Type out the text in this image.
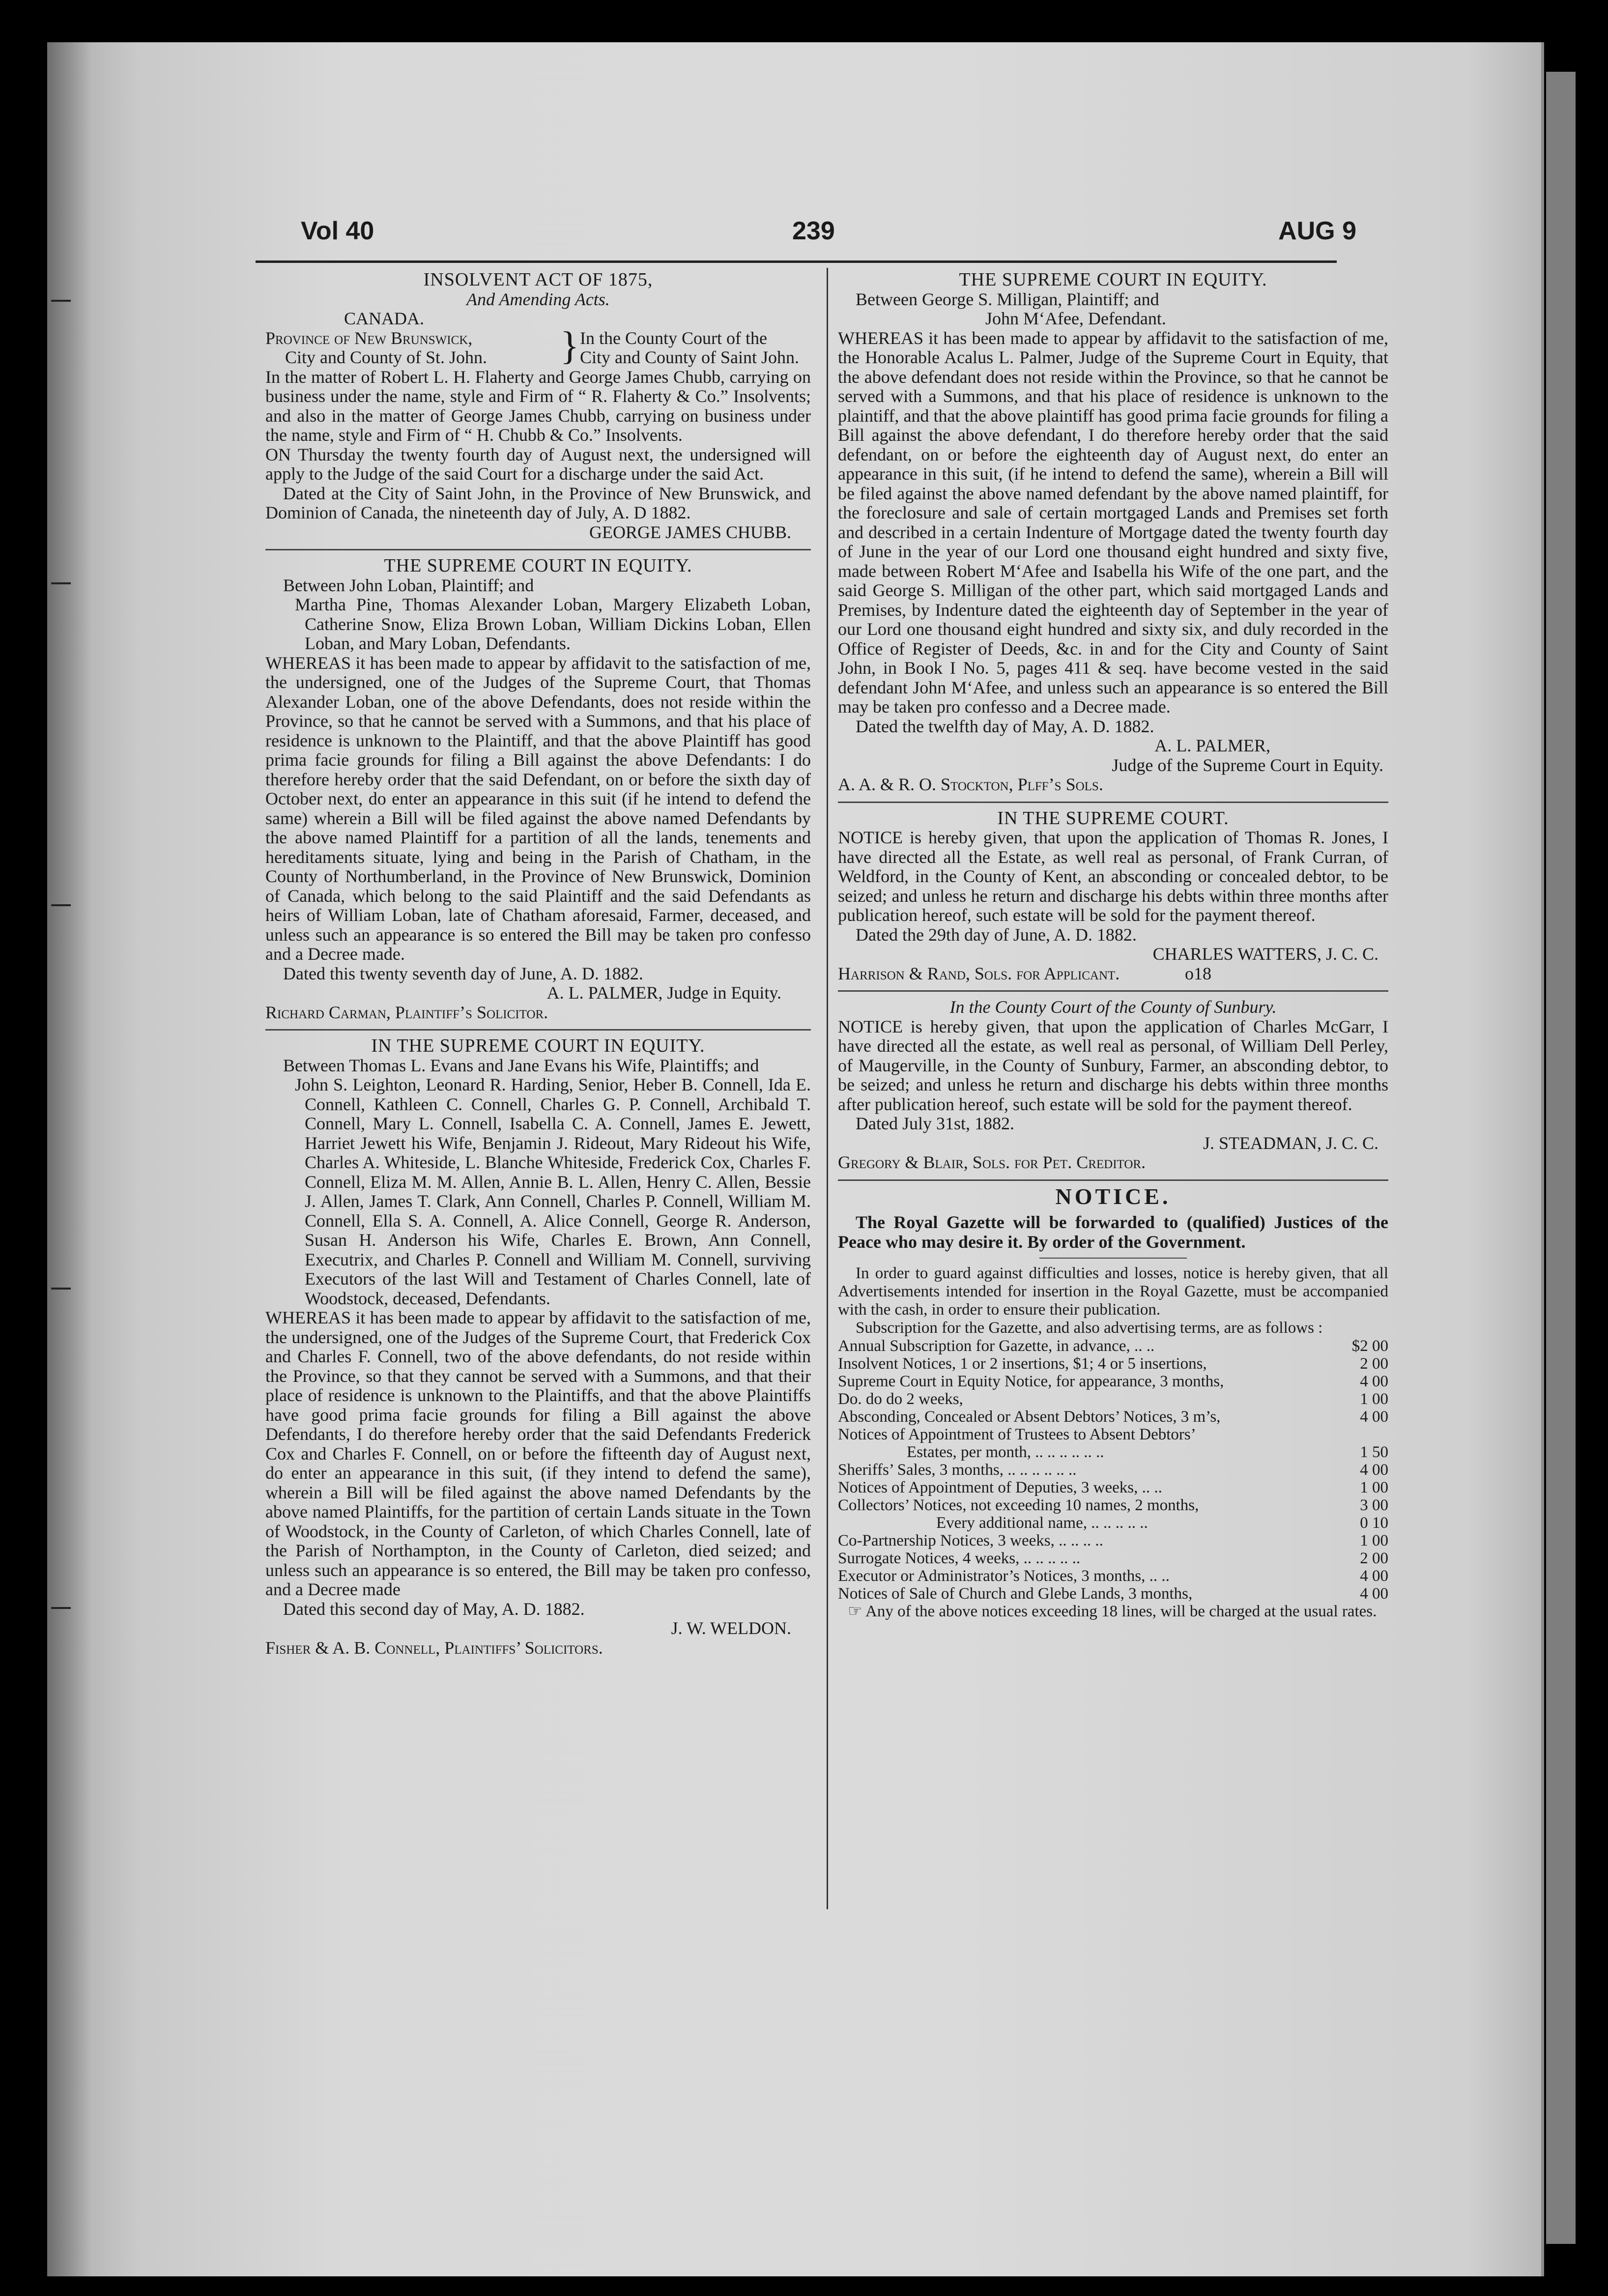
Vol 40	239	AUG 9

INSOLVENT ACT OF 1875,

And Amending Acts.

CANADA.

Province of New Brunswick,

City and County of St. John.	} In the County Court of the

City and County of Saint John.

In the matter of Robert L. H. Flaherty and George James Chubb, carrying on business under the name, style and Firm of “ R. Flaherty & Co.” Insolvents; and also in the matter of George James Chubb, carrying on business under the name, style and Firm of “ H. Chubb & Co.” Insolvents.

ON Thursday the twenty fourth day of August next, the undersigned will apply to the Judge of the said Court for a discharge under the said Act.

Dated at the City of Saint John, in the Province of New Brunswick, and Dominion of Canada, the nineteenth day of July, A. D 1882.

GEORGE JAMES CHUBB.

THE SUPREME COURT IN EQUITY.

Between John Loban, Plaintiff; and

Martha Pine, Thomas Alexander Loban, Margery Elizabeth Loban, Catherine Snow, Eliza Brown Loban, William Dickins Loban, Ellen Loban, and Mary Loban, Defendants.

WHEREAS it has been made to appear by affidavit to the satisfaction of me, the undersigned, one of the Judges of the Supreme Court, that Thomas Alexander Loban, one of the above Defendants, does not reside within the Province, so that he cannot be served with a Summons, and that his place of residence is unknown to the Plaintiff, and that the above Plaintiff has good prima facie grounds for filing a Bill against the above Defendants: I do therefore hereby order that the said Defendant, on or before the sixth day of October next, do enter an appearance in this suit (if he intend to defend the same) wherein a Bill will be filed against the above named Defendants by the above named Plaintiff for a partition of all the lands, tenements and hereditaments situate, lying and being in the Parish of Chatham, in the County of Northumberland, in the Province of New Brunswick, Dominion of Canada, which belong to the said Plaintiff and the said Defendants as heirs of William Loban, late of Chatham aforesaid, Farmer, deceased, and unless such an appearance is so entered the Bill may be taken pro confesso and a Decree made.

Dated this twenty seventh day of June, A. D. 1882.

A. L. PALMER, Judge in Equity.

Richard Carman, Plaintiff’s Solicitor.

IN THE SUPREME COURT IN EQUITY.

Between Thomas L. Evans and Jane Evans his Wife, Plaintiffs; and

John S. Leighton, Leonard R. Harding, Senior, Heber B. Connell, Ida E. Connell, Kathleen C. Connell, Charles G. P. Connell, Archibald T. Connell, Mary L. Connell, Isabella C. A. Connell, James E. Jewett, Harriet Jewett his Wife, Benjamin J. Rideout, Mary Rideout his Wife, Charles A. Whiteside, L. Blanche Whiteside, Frederick Cox, Charles F. Connell, Eliza M. M. Allen, Annie B. L. Allen, Henry C. Allen, Bessie J. Allen, James T. Clark, Ann Connell, Charles P. Connell, William M. Connell, Ella S. A. Connell, A. Alice Connell, George R. Anderson, Susan H. Anderson his Wife, Charles E. Brown, Ann Connell, Executrix, and Charles P. Connell and William M. Connell, surviving Executors of the last Will and Testament of Charles Connell, late of Woodstock, deceased, Defendants.

WHEREAS it has been made to appear by affidavit to the satisfaction of me, the undersigned, one of the Judges of the Supreme Court, that Frederick Cox and Charles F. Connell, two of the above defendants, do not reside within the Province, so that they cannot be served with a Summons, and that their place of residence is unknown to the Plaintiffs, and that the above Plaintiffs have good prima facie grounds for filing a Bill against the above Defendants, I do therefore hereby order that the said Defendants Frederick Cox and Charles F. Connell, on or before the fifteenth day of August next, do enter an appearance in this suit, (if they intend to defend the same), wherein a Bill will be filed against the above named Defendants by the above named Plaintiffs, for the partition of certain Lands situate in the Town of Woodstock, in the County of Carleton, of which Charles Connell, late of the Parish of Northampton, in the County of Carleton, died seized; and unless such an appearance is so entered, the Bill may be taken pro confesso, and a Decree made

Dated this second day of May, A. D. 1882.

J. W. WELDON.

Fisher & A. B. Connell, Plaintiffs’ Solicitors.

THE SUPREME COURT IN EQUITY.

Between George S. Milligan, Plaintiff; and

John M‘Afee, Defendant.

WHEREAS it has been made to appear by affidavit to the satisfaction of me, the Honorable Acalus L. Palmer, Judge of the Supreme Court in Equity, that the above defendant does not reside within the Province, so that he cannot be served with a Summons, and that his place of residence is unknown to the plaintiff, and that the above plaintiff has good prima facie grounds for filing a Bill against the above defendant, I do therefore hereby order that the said defendant, on or before the eighteenth day of August next, do enter an appearance in this suit, (if he intend to defend the same), wherein a Bill will be filed against the above named defendant by the above named plaintiff, for the foreclosure and sale of certain mortgaged Lands and Premises set forth and described in a certain Indenture of Mortgage dated the twenty fourth day of June in the year of our Lord one thousand eight hundred and sixty five, made between Robert M‘Afee and Isabella his Wife of the one part, and the said George S. Milligan of the other part, which said mortgaged Lands and Premises, by Indenture dated the eighteenth day of September in the year of our Lord one thousand eight hundred and sixty six, and duly recorded in the Office of Register of Deeds, &c. in and for the City and County of Saint John, in Book I No. 5, pages 411 & seq. have become vested in the said defendant John M‘Afee, and unless such an appearance is so entered the Bill may be taken pro confesso and a Decree made.

Dated the twelfth day of May, A. D. 1882.

A. L. PALMER,

Judge of the Supreme Court in Equity.

A. A. & R. O. Stockton, Plff’s Sols.

IN THE SUPREME COURT.

NOTICE is hereby given, that upon the application of Thomas R. Jones, I have directed all the Estate, as well real as personal, of Frank Curran, of Weldford, in the County of Kent, an absconding or concealed debtor, to be seized; and unless he return and discharge his debts within three months after publication hereof, such estate will be sold for the payment thereof.

Dated the 29th day of June, A. D. 1882.

CHARLES WATTERS, J. C. C.

Harrison & Rand, Sols. for Applicant.	o18

In the County Court of the County of Sunbury.

NOTICE is hereby given, that upon the application of Charles McGarr, I have directed all the estate, as well real as personal, of William Dell Perley, of Maugerville, in the County of Sunbury, Farmer, an absconding debtor, to be seized; and unless he return and discharge his debts within three months after publication hereof, such estate will be sold for the payment thereof.

Dated July 31st, 1882.

J. STEADMAN, J. C. C.

Gregory & Blair, Sols. for Pet. Creditor.

NOTICE.

The Royal Gazette will be forwarded to (qualified) Justices of the Peace who may desire it. By order of the Government.

In order to guard against difficulties and losses, notice is hereby given, that all Advertisements intended for insertion in the Royal Gazette, must be accompanied with the cash, in order to ensure their publication.

Subscription for the Gazette, and also advertising terms, are as follows :

Annual Subscription for Gazette, in advance, .. ..	$2 00
Insolvent Notices, 1 or 2 insertions, $1; 4 or 5 insertions,	2 00
Supreme Court in Equity Notice, for appearance, 3 months,	4 00
Do. do do 2 weeks,	1 00
Absconding, Concealed or Absent Debtors’ Notices, 3 m’s,	4 00
Notices of Appointment of Trustees to Absent Debtors’	
Estates, per month, .. .. .. .. .. ..	1 50
Sheriffs’ Sales, 3 months, .. .. .. .. .. ..	4 00
Notices of Appointment of Deputies, 3 weeks, .. ..	1 00
Collectors’ Notices, not exceeding 10 names, 2 months,	3 00
Every additional name, .. .. .. .. ..	0 10
Co-Partnership Notices, 3 weeks, .. .. .. ..	1 00
Surrogate Notices, 4 weeks, .. .. .. .. ..	2 00
Executor or Administrator’s Notices, 3 months, .. ..	4 00
Notices of Sale of Church and Glebe Lands, 3 months,	4 00

☞ Any of the above notices exceeding 18 lines, will be charged at the usual rates.
